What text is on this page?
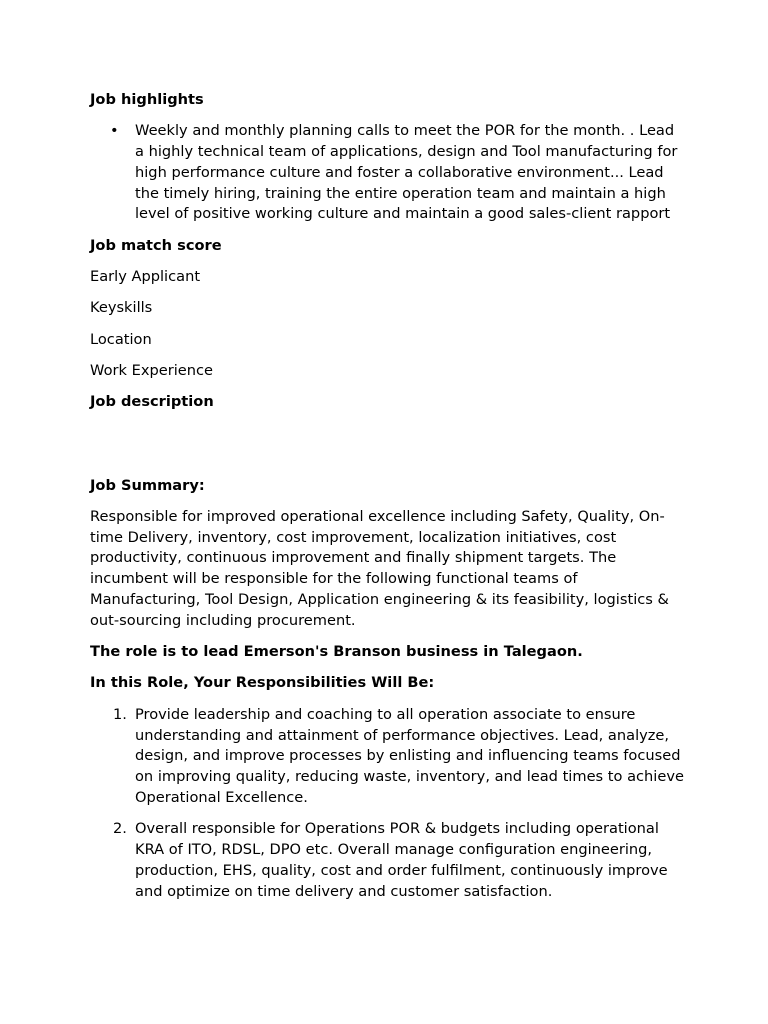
Job highlights
• Weekly and monthly planning calls to meet the POR for the month. . Lead a highly technical team of applications, design and Tool manufacturing for high performance culture and foster a collaborative environment... Lead the timely hiring, training the entire operation team and maintain a high level of positive working culture and maintain a good sales-client rapport
Job match score
Early Applicant
Keyskills
Location
Work Experience
Job description
Job Summary:
Responsible for improved operational excellence including Safety, Quality, On-time Delivery, inventory, cost improvement, localization initiatives, cost productivity, continuous improvement and finally shipment targets. The incumbent will be responsible for the following functional teams of Manufacturing, Tool Design, Application engineering & its feasibility, logistics & out-sourcing including procurement.
The role is to lead Emerson's Branson business in Talegaon.
In this Role, Your Responsibilities Will Be:
1. Provide leadership and coaching to all operation associate to ensure understanding and attainment of performance objectives. Lead, analyze, design, and improve processes by enlisting and influencing teams focused on improving quality, reducing waste, inventory, and lead times to achieve Operational Excellence.
2. Overall responsible for Operations POR & budgets including operational KRA of ITO, RDSL, DPO etc. Overall manage configuration engineering, production, EHS, quality, cost and order fulfilment, continuously improve and optimize on time delivery and customer satisfaction.
